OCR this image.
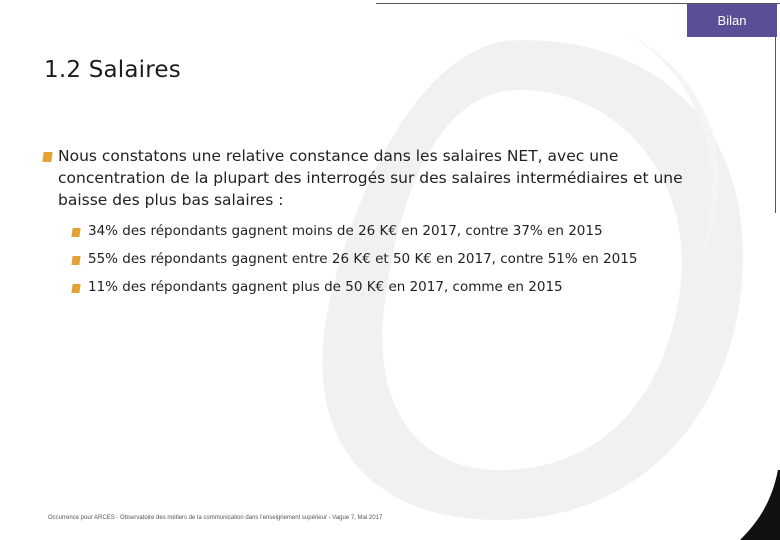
Bilan
1.2 Salaires
Nous constatons une relative constance dans les salaires NET, avec une concentration de la plupart des interrogés sur des salaires intermédiaires et une baisse des plus bas salaires :
34% des répondants gagnent moins de 26 K€ en 2017, contre 37% en 2015
55% des répondants gagnent entre 26 K€ et 50 K€ en 2017, contre 51% en 2015
11% des répondants gagnent plus de 50 K€ en 2017, comme en 2015
Occurrence pour ARCES - Observatoire des métiers de la communication dans l'enseignement supérieur - Vague 7, Mai 2017
